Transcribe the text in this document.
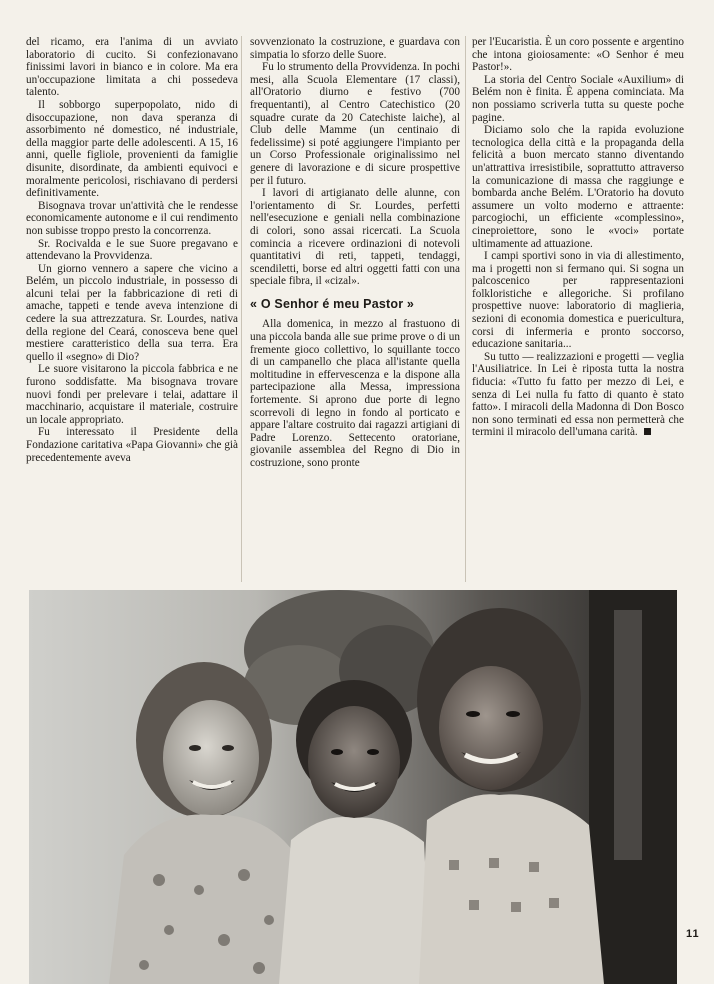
del ricamo, era l'anima di un avviato laboratorio di cucito. Si confezionavano finissimi lavori in bianco e in colore. Ma era un'occupazione limitata a chi possedeva talento.

Il sobborgo superpopolato, nido di disoccupazione, non dava speranza di assorbimento né domestico, né industriale, della maggior parte delle adolescenti. A 15, 16 anni, quelle figliole, provenienti da famiglie disunite, disordinate, da ambienti equivoci e moralmente pericolosi, rischiavano di perdersi definitivamente.

Bisognava trovar un'attività che le rendesse economicamente autonome e il cui rendimento non subisse troppo presto la concorrenza.

Sr. Rocivalda e le sue Suore pregavano e attendevano la Provvidenza.

Un giorno vennero a sapere che vicino a Belém, un piccolo industriale, in possesso di alcuni telai per la fabbricazione di reti di amache, tappeti e tende aveva intenzione di cedere la sua attrezzatura. Sr. Lourdes, nativa della regione del Ceará, conosceva bene quel mestiere caratteristico della sua terra. Era quello il «segno» di Dio?

Le suore visitarono la piccola fabbrica e ne furono soddisfatte. Ma bisognava trovare nuovi fondi per prelevare i telai, adattare il macchinario, acquistare il materiale, costruire un locale appropriato.

Fu interessato il Presidente della Fondazione caritativa «Papa Giovanni» che già precedentemente aveva

sovvenzionato la costruzione, e guardava con simpatia lo sforzo delle Suore.

Fu lo strumento della Provvidenza. In pochi mesi, alla Scuola Elementare (17 classi), all'Oratorio diurno e festivo (700 frequentanti), al Centro Catechistico (20 squadre curate da 20 Catechiste laiche), al Club delle Mamme (un centinaio di fedelissime) si poté aggiungere l'impianto per un Corso Professionale originalissimo nel genere di lavorazione e di sicure prospettive per il futuro.

I lavori di artigianato delle alunne, con l'orientamento di Sr. Lourdes, perfetti nell'esecuzione e geniali nella combinazione di colori, sono assai ricercati. La Scuola comincia a ricevere ordinazioni di notevoli quantitativi di reti, tappeti, tendaggi, scendiletti, borse ed altri oggetti fatti con una speciale fibra, il «cizal».

« O Senhor é meu Pastor »

Alla domenica, in mezzo al frastuono di una piccola banda alle sue prime prove o di un fremente gioco collettivo, lo squillante tocco di un campanello che placa all'istante quella moltitudine in effervescenza e la dispone alla partecipazione alla Messa, impressiona fortemente. Si aprono due porte di legno scorrevoli di legno in fondo al porticato e appare l'altare costruito dai ragazzi artigiani di Padre Lorenzo. Settecento oratoriane, giovanile assemblea del Regno di Dio in costruzione, sono pronte

per l'Eucaristia. È un coro possente e argentino che intona gioiosamente: «O Senhor é meu Pastor!».

La storia del Centro Sociale «Auxilium» di Belém non è finita. È appena cominciata. Ma non possiamo scriverla tutta su queste poche pagine.

Diciamo solo che la rapida evoluzione tecnologica della città e la propaganda della felicità a buon mercato stanno diventando un'attrattiva irresistibile, soprattutto attraverso la comunicazione di massa che raggiunge e bombarda anche Belém. L'Oratorio ha dovuto assumere un volto moderno e attraente: parcogiochi, un efficiente «complessino», cineproiettore, sono le «voci» portate ultimamente ad attuazione.

I campi sportivi sono in via di allestimento, ma i progetti non si fermano qui. Si sogna un palcoscenico per rappresentazioni folkloristiche e allegoriche. Si profilano prospettive nuove: laboratorio di maglieria, sezioni di economia domestica e puericultura, corsi di infermeria e pronto soccorso, educazione sanitaria...

Su tutto — realizzazioni e progetti — veglia l'Ausiliatrice. In Lei è riposta tutta la nostra fiducia: «Tutto fu fatto per mezzo di Lei, e senza di Lei nulla fu fatto di quanto è stato fatto». I miracoli della Madonna di Don Bosco non sono terminati ed essa non permetterà che termini il miracolo dell'umana carità.

11
